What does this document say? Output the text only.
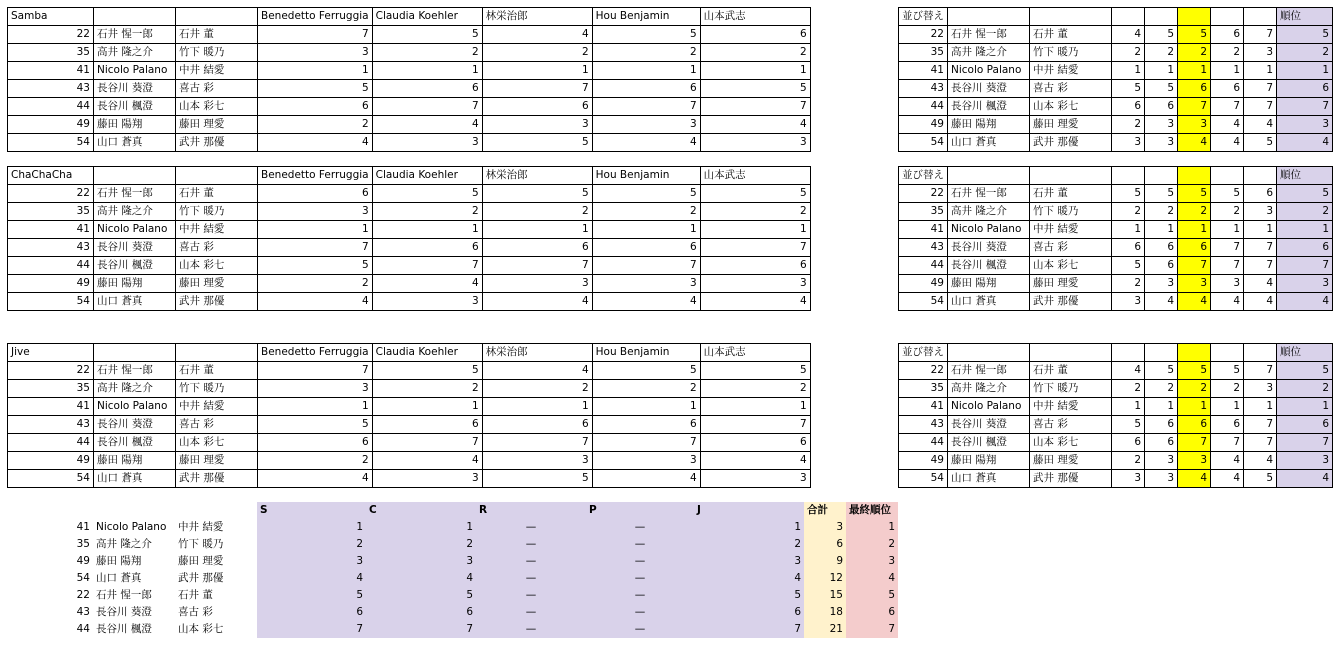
Samba			Benedetto Ferruggia	Claudia Koehler	林栄治郎	Hou Benjamin	山本武志
22	石井 惺一郎	石井 董	7	5	4	5	6
35	高井 隆之介	竹下 暖乃	3	2	2	2	2
41	Nicolo Palano	中井 結愛	1	1	1	1	1
43	長谷川 葵澄	喜古 彩	5	6	7	6	5
44	長谷川 楓澄	山本 彩七	6	7	6	7	7
49	藤田 陽翔	藤田 理愛	2	4	3	3	4
54	山口 蒼真	武井 那優	4	3	5	4	3
並び替え								順位
22	石井 惺一郎	石井 董	4	5	5	6	7	5
35	高井 隆之介	竹下 暖乃	2	2	2	2	3	2
41	Nicolo Palano	中井 結愛	1	1	1	1	1	1
43	長谷川 葵澄	喜古 彩	5	5	6	6	7	6
44	長谷川 楓澄	山本 彩七	6	6	7	7	7	7
49	藤田 陽翔	藤田 理愛	2	3	3	4	4	3
54	山口 蒼真	武井 那優	3	3	4	4	5	4
ChaChaCha			Benedetto Ferruggia	Claudia Koehler	林栄治郎	Hou Benjamin	山本武志
22	石井 惺一郎	石井 董	6	5	5	5	5
35	高井 隆之介	竹下 暖乃	3	2	2	2	2
41	Nicolo Palano	中井 結愛	1	1	1	1	1
43	長谷川 葵澄	喜古 彩	7	6	6	6	7
44	長谷川 楓澄	山本 彩七	5	7	7	7	6
49	藤田 陽翔	藤田 理愛	2	4	3	3	3
54	山口 蒼真	武井 那優	4	3	4	4	4
並び替え								順位
22	石井 惺一郎	石井 董	5	5	5	5	6	5
35	高井 隆之介	竹下 暖乃	2	2	2	2	3	2
41	Nicolo Palano	中井 結愛	1	1	1	1	1	1
43	長谷川 葵澄	喜古 彩	6	6	6	7	7	6
44	長谷川 楓澄	山本 彩七	5	6	7	7	7	7
49	藤田 陽翔	藤田 理愛	2	3	3	3	4	3
54	山口 蒼真	武井 那優	3	4	4	4	4	4
Jive			Benedetto Ferruggia	Claudia Koehler	林栄治郎	Hou Benjamin	山本武志
22	石井 惺一郎	石井 董	7	5	4	5	5
35	高井 隆之介	竹下 暖乃	3	2	2	2	2
41	Nicolo Palano	中井 結愛	1	1	1	1	1
43	長谷川 葵澄	喜古 彩	5	6	6	6	7
44	長谷川 楓澄	山本 彩七	6	7	7	7	6
49	藤田 陽翔	藤田 理愛	2	4	3	3	4
54	山口 蒼真	武井 那優	4	3	5	4	3
並び替え								順位
22	石井 惺一郎	石井 董	4	5	5	5	7	5
35	高井 隆之介	竹下 暖乃	2	2	2	2	3	2
41	Nicolo Palano	中井 結愛	1	1	1	1	1	1
43	長谷川 葵澄	喜古 彩	5	6	6	6	7	6
44	長谷川 楓澄	山本 彩七	6	6	7	7	7	7
49	藤田 陽翔	藤田 理愛	2	3	3	4	4	3
54	山口 蒼真	武井 那優	3	3	4	4	5	4
			S	C	R	P	J	合計	最終順位
41	Nicolo Palano	中井 結愛	1	1	—	—	1	3	1
35	高井 隆之介	竹下 暖乃	2	2	—	—	2	6	2
49	藤田 陽翔	藤田 理愛	3	3	—	—	3	9	3
54	山口 蒼真	武井 那優	4	4	—	—	4	12	4
22	石井 惺一郎	石井 董	5	5	—	—	5	15	5
43	長谷川 葵澄	喜古 彩	6	6	—	—	6	18	6
44	長谷川 楓澄	山本 彩七	7	7	—	—	7	21	7
